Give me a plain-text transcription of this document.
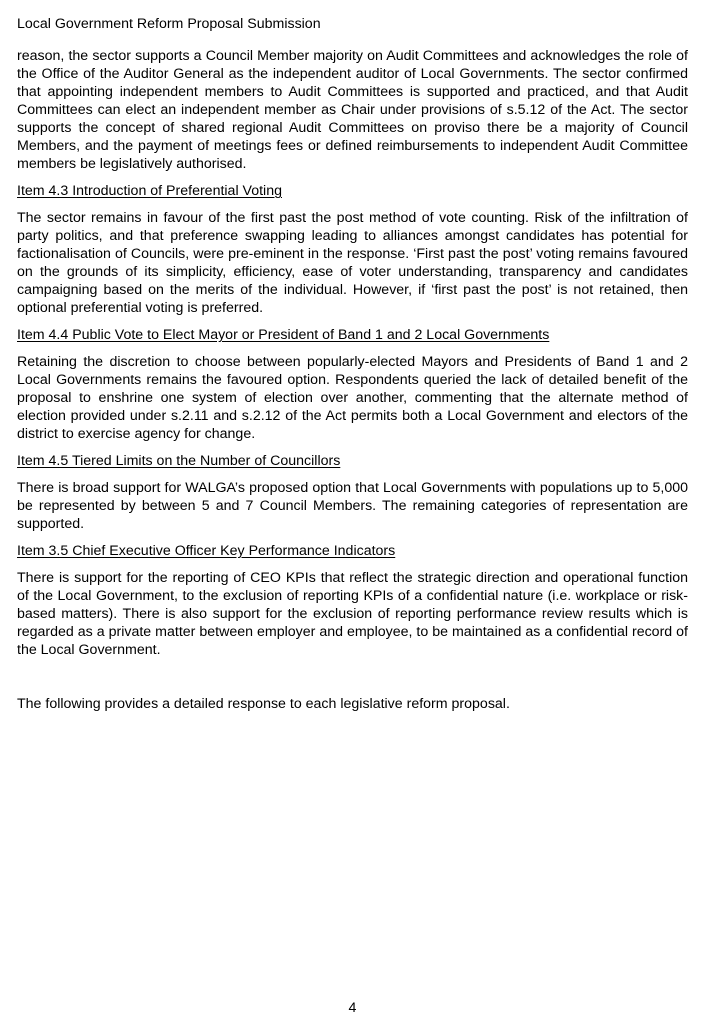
Local Government Reform Proposal Submission

reason, the sector supports a Council Member majority on Audit Committees and acknowledges the role of the Office of the Auditor General as the independent auditor of Local Governments. The sector confirmed that appointing independent members to Audit Committees is supported and practiced, and that Audit Committees can elect an independent member as Chair under provisions of s.5.12 of the Act. The sector supports the concept of shared regional Audit Committees on proviso there be a majority of Council Members, and the payment of meetings fees or defined reimbursements to independent Audit Committee members be legislatively authorised.

Item 4.3 Introduction of Preferential Voting

The sector remains in favour of the first past the post method of vote counting. Risk of the infiltration of party politics, and that preference swapping leading to alliances amongst candidates has potential for factionalisation of Councils, were pre-eminent in the response. ‘First past the post’ voting remains favoured on the grounds of its simplicity, efficiency, ease of voter understanding, transparency and candidates campaigning based on the merits of the individual. However, if ‘first past the post’ is not retained, then optional preferential voting is preferred.

Item 4.4 Public Vote to Elect Mayor or President of Band 1 and 2 Local Governments

Retaining the discretion to choose between popularly-elected Mayors and Presidents of Band 1 and 2 Local Governments remains the favoured option. Respondents queried the lack of detailed benefit of the proposal to enshrine one system of election over another, commenting that the alternate method of election provided under s.2.11 and s.2.12 of the Act permits both a Local Government and electors of the district to exercise agency for change.

Item 4.5 Tiered Limits on the Number of Councillors

There is broad support for WALGA’s proposed option that Local Governments with populations up to 5,000 be represented by between 5 and 7 Council Members. The remaining categories of representation are supported.

Item 3.5 Chief Executive Officer Key Performance Indicators

There is support for the reporting of CEO KPIs that reflect the strategic direction and operational function of the Local Government, to the exclusion of reporting KPIs of a confidential nature (i.e. workplace or risk-based matters). There is also support for the exclusion of reporting performance review results which is regarded as a private matter between employer and employee, to be maintained as a confidential record of the Local Government.

The following provides a detailed response to each legislative reform proposal.

4
